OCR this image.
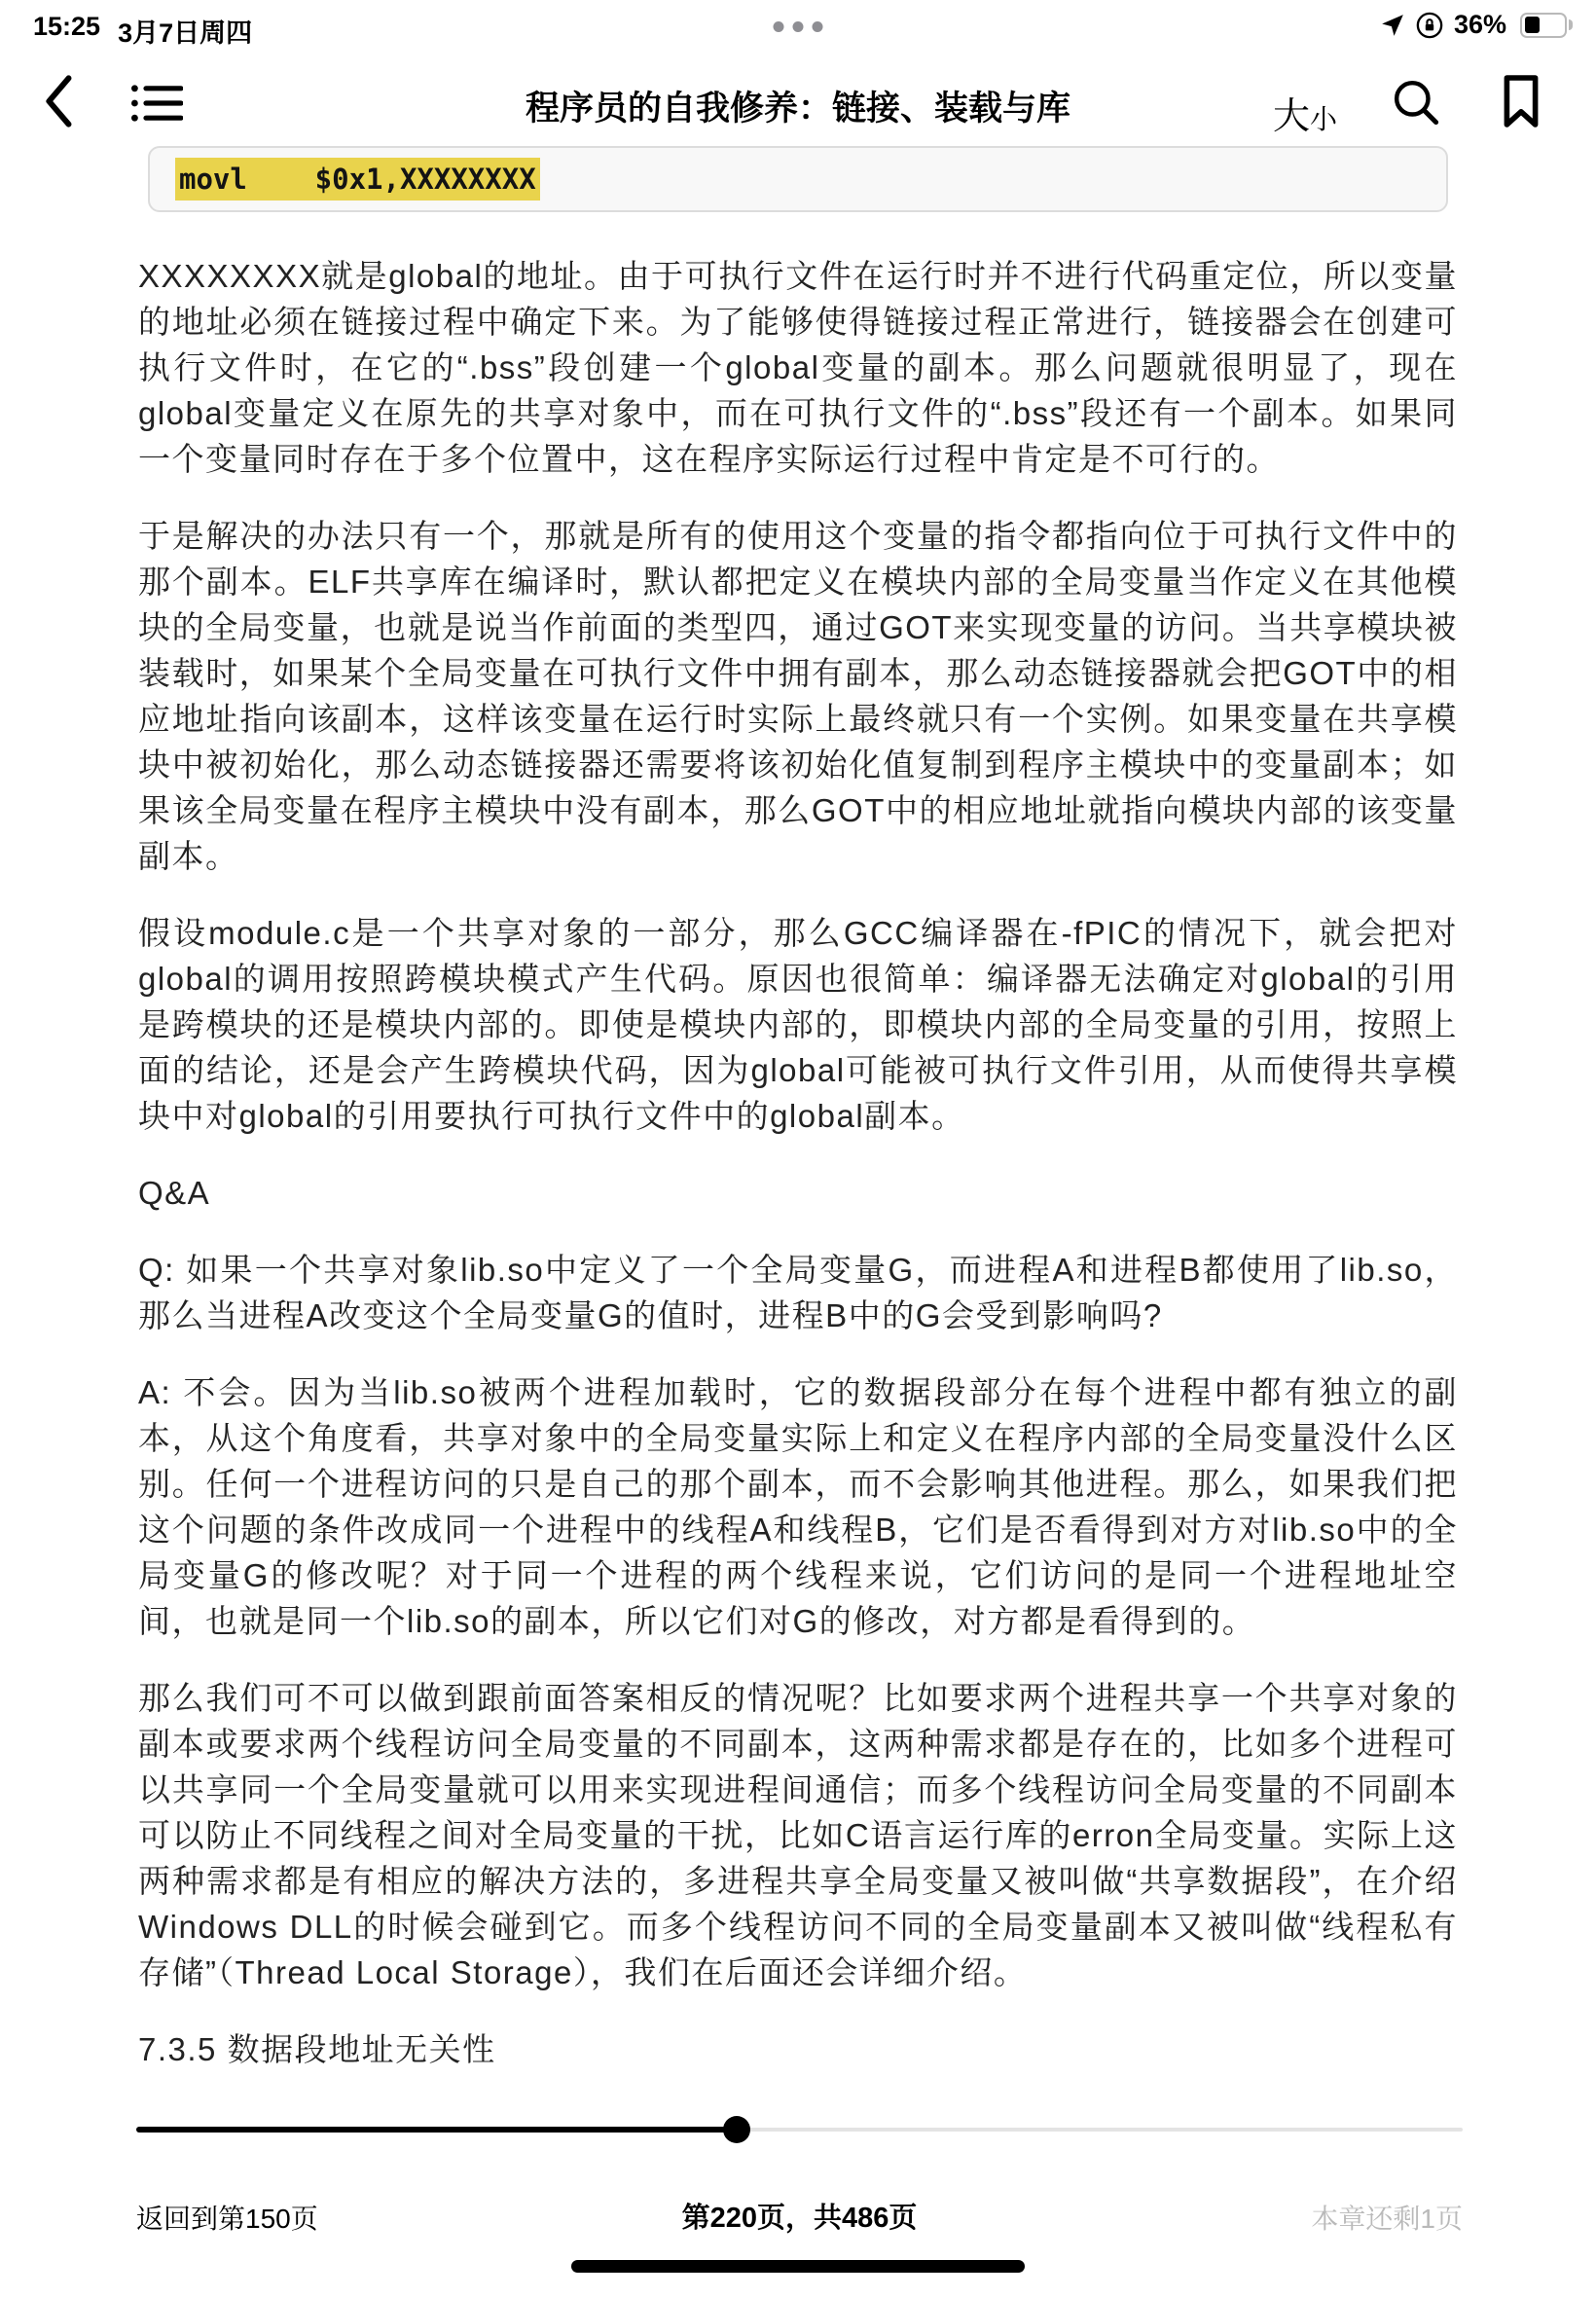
15:25 3月7日周四	36%
程序员的自我修养：链接、装载与库	大小
movl    $0x1,XXXXXXXX

XXXXXXXX就是global的地址。由于可执行文件在运行时并不进行代码重定位，所以变量的地址必须在链接过程中确定下来。为了能够使得链接过程正常进行，链接器会在创建可执行文件时，在它的“.bss”段创建一个global变量的副本。那么问题就很明显了，现在global变量定义在原先的共享对象中，而在可执行文件的“.bss”段还有一个副本。如果同一个变量同时存在于多个位置中，这在程序实际运行过程中肯定是不可行的。

于是解决的办法只有一个，那就是所有的使用这个变量的指令都指向位于可执行文件中的那个副本。ELF共享库在编译时，默认都把定义在模块内部的全局变量当作定义在其他模块的全局变量，也就是说当作前面的类型四，通过GOT来实现变量的访问。当共享模块被装载时，如果某个全局变量在可执行文件中拥有副本，那么动态链接器就会把GOT中的相应地址指向该副本，这样该变量在运行时实际上最终就只有一个实例。如果变量在共享模块中被初始化，那么动态链接器还需要将该初始化值复制到程序主模块中的变量副本；如果该全局变量在程序主模块中没有副本，那么GOT中的相应地址就指向模块内部的该变量副本。

假设module.c是一个共享对象的一部分，那么GCC编译器在-fPIC的情况下，就会把对global的调用按照跨模块模式产生代码。原因也很简单：编译器无法确定对global的引用是跨模块的还是模块内部的。即使是模块内部的，即模块内部的全局变量的引用，按照上面的结论，还是会产生跨模块代码，因为global可能被可执行文件引用，从而使得共享模块中对global的引用要执行可执行文件中的global副本。

Q&A

Q: 如果一个共享对象lib.so中定义了一个全局变量G，而进程A和进程B都使用了lib.so，那么当进程A改变这个全局变量G的值时，进程B中的G会受到影响吗?

A: 不会。因为当lib.so被两个进程加载时，它的数据段部分在每个进程中都有独立的副本，从这个角度看，共享对象中的全局变量实际上和定义在程序内部的全局变量没什么区别。任何一个进程访问的只是自己的那个副本，而不会影响其他进程。那么，如果我们把这个问题的条件改成同一个进程中的线程A和线程B，它们是否看得到对方对lib.so中的全局变量G的修改呢？对于同一个进程的两个线程来说，它们访问的是同一个进程地址空间，也就是同一个lib.so的副本，所以它们对G的修改，对方都是看得到的。

那么我们可不可以做到跟前面答案相反的情况呢？比如要求两个进程共享一个共享对象的副本或要求两个线程访问全局变量的不同副本，这两种需求都是存在的，比如多个进程可以共享同一个全局变量就可以用来实现进程间通信；而多个线程访问全局变量的不同副本可以防止不同线程之间对全局变量的干扰，比如C语言运行库的erron全局变量。实际上这两种需求都是有相应的解决方法的，多进程共享全局变量又被叫做“共享数据段”，在介绍Windows DLL的时候会碰到它。而多个线程访问不同的全局变量副本又被叫做“线程私有存储”（Thread Local Storage），我们在后面还会详细介绍。

7.3.5 数据段地址无关性

返回到第150页	第220页，共486页	本章还剩1页
